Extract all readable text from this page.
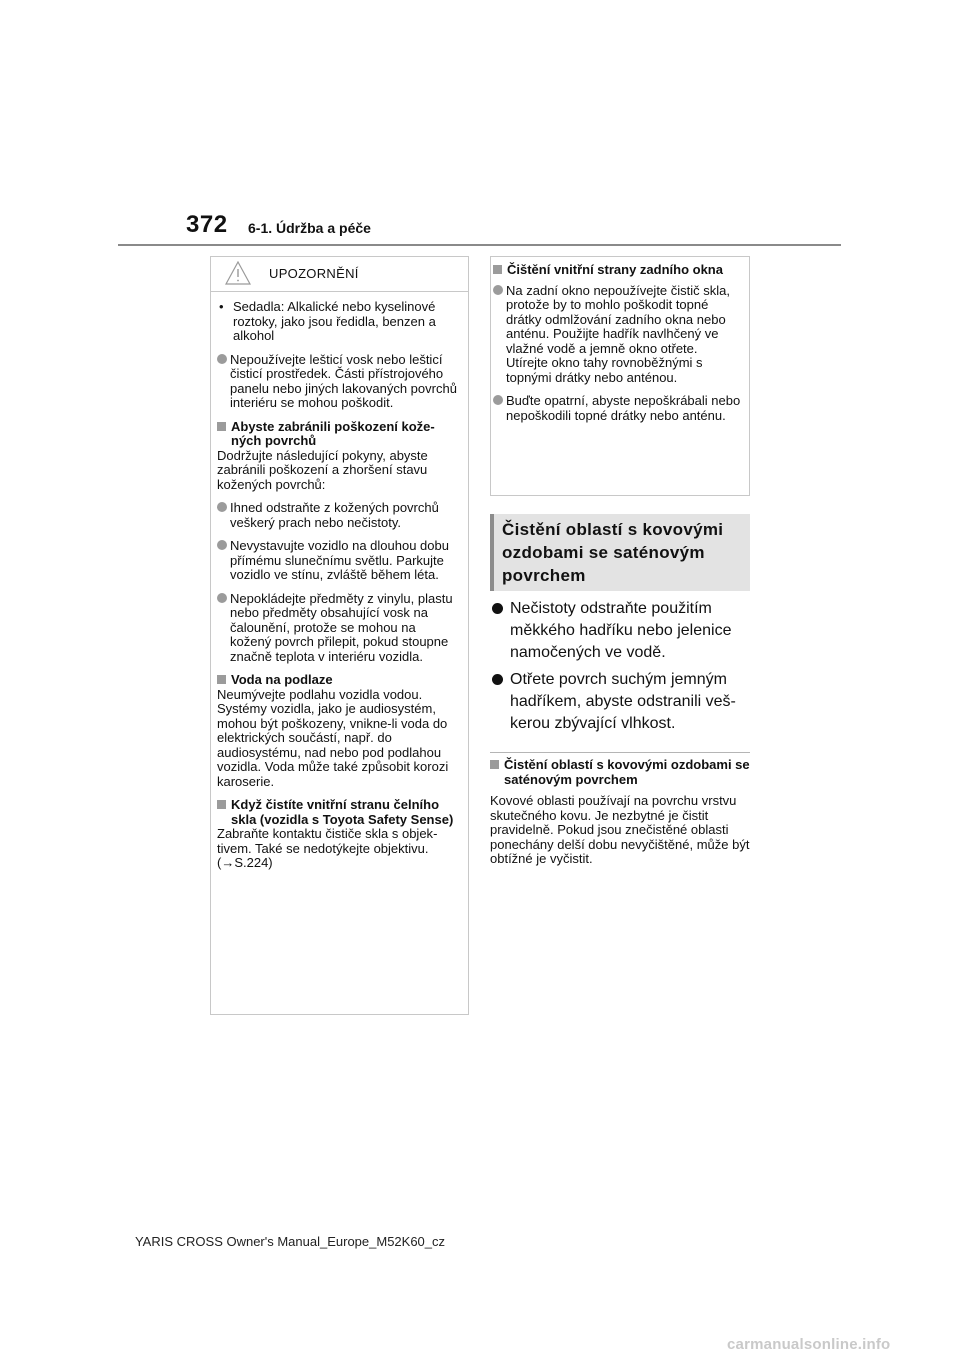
372 6-1. Údržba a péče
UPOZORNĚNÍ
• Sedadla: Alkalické nebo kyselinové roztoky, jako jsou ředidla, benzen a alkohol
Nepoužívejte lešticí vosk nebo lešticí čisticí prostředek. Části přístrojového panelu nebo jiných lakovaných povrchů interiéru se mohou poškodit.
Abyste zabránili poškození kožených povrchů
Dodržujte následující pokyny, abyste zabránili poškození a zhoršení stavu kožených povrchů:
Ihned odstraňte z kožených povrchů veškerý prach nebo nečistoty.
Nevystavujte vozidlo na dlouhou dobu přímému slunečnímu světlu. Parkujte vozidlo ve stínu, zvláště během léta.
Nepokládejte předměty z vinylu, plastu nebo předměty obsahující vosk na čalounění, protože se mohou na kožený povrch přilepit, pokud stoupne značně teplota v interiéru vozidla.
Voda na podlaze
Neumývejte podlahu vozidla vodou. Systémy vozidla, jako je audiosystém, mohou být poškozeny, vnikne-li voda do elektrických součástí, např. do audiosystému, nad nebo pod podlahou vozidla. Voda může také způsobit korozi karoserie.
Když čistíte vnitřní stranu čelního skla (vozidla s Toyota Safety Sense)
Zabraňte kontaktu čističe skla s objektivem. Také se nedotýkejte objektivu.
(→S.224)
Čištění vnitřní strany zadního okna
Na zadní okno nepoužívejte čistič skla, protože by to mohlo poškodit topné drátky odmlžování zadního okna nebo anténu. Použijte hadřík navlhčený ve vlažné vodě a jemně okno otřete. Utírejte okno tahy rovnoběžnými s topnými drátky nebo anténou.
Buďte opatrní, abyste nepoškrábali nebo nepoškodili topné drátky nebo anténu.
Čistění oblastí s kovovými
ozdobami se saténovým
povrchem
Nečistoty odstraňte použitím měkkého hadříku nebo jelenice namočených ve vodě.
Otřete povrch suchým jemným hadříkem, abyste odstranili veškerou zbývající vlhkost.
Čistění oblastí s kovovými ozdobami se saténovým povrchem
Kovové oblasti používají na povrchu vrstvu skutečného kovu. Je nezbytné je čistit pravidelně. Pokud jsou znečistěné oblasti ponechány delší dobu nevyčištěné, může být obtížné je vyčistit.
YARIS CROSS Owner's Manual_Europe_M52K60_cz
carmanualsonline.info
